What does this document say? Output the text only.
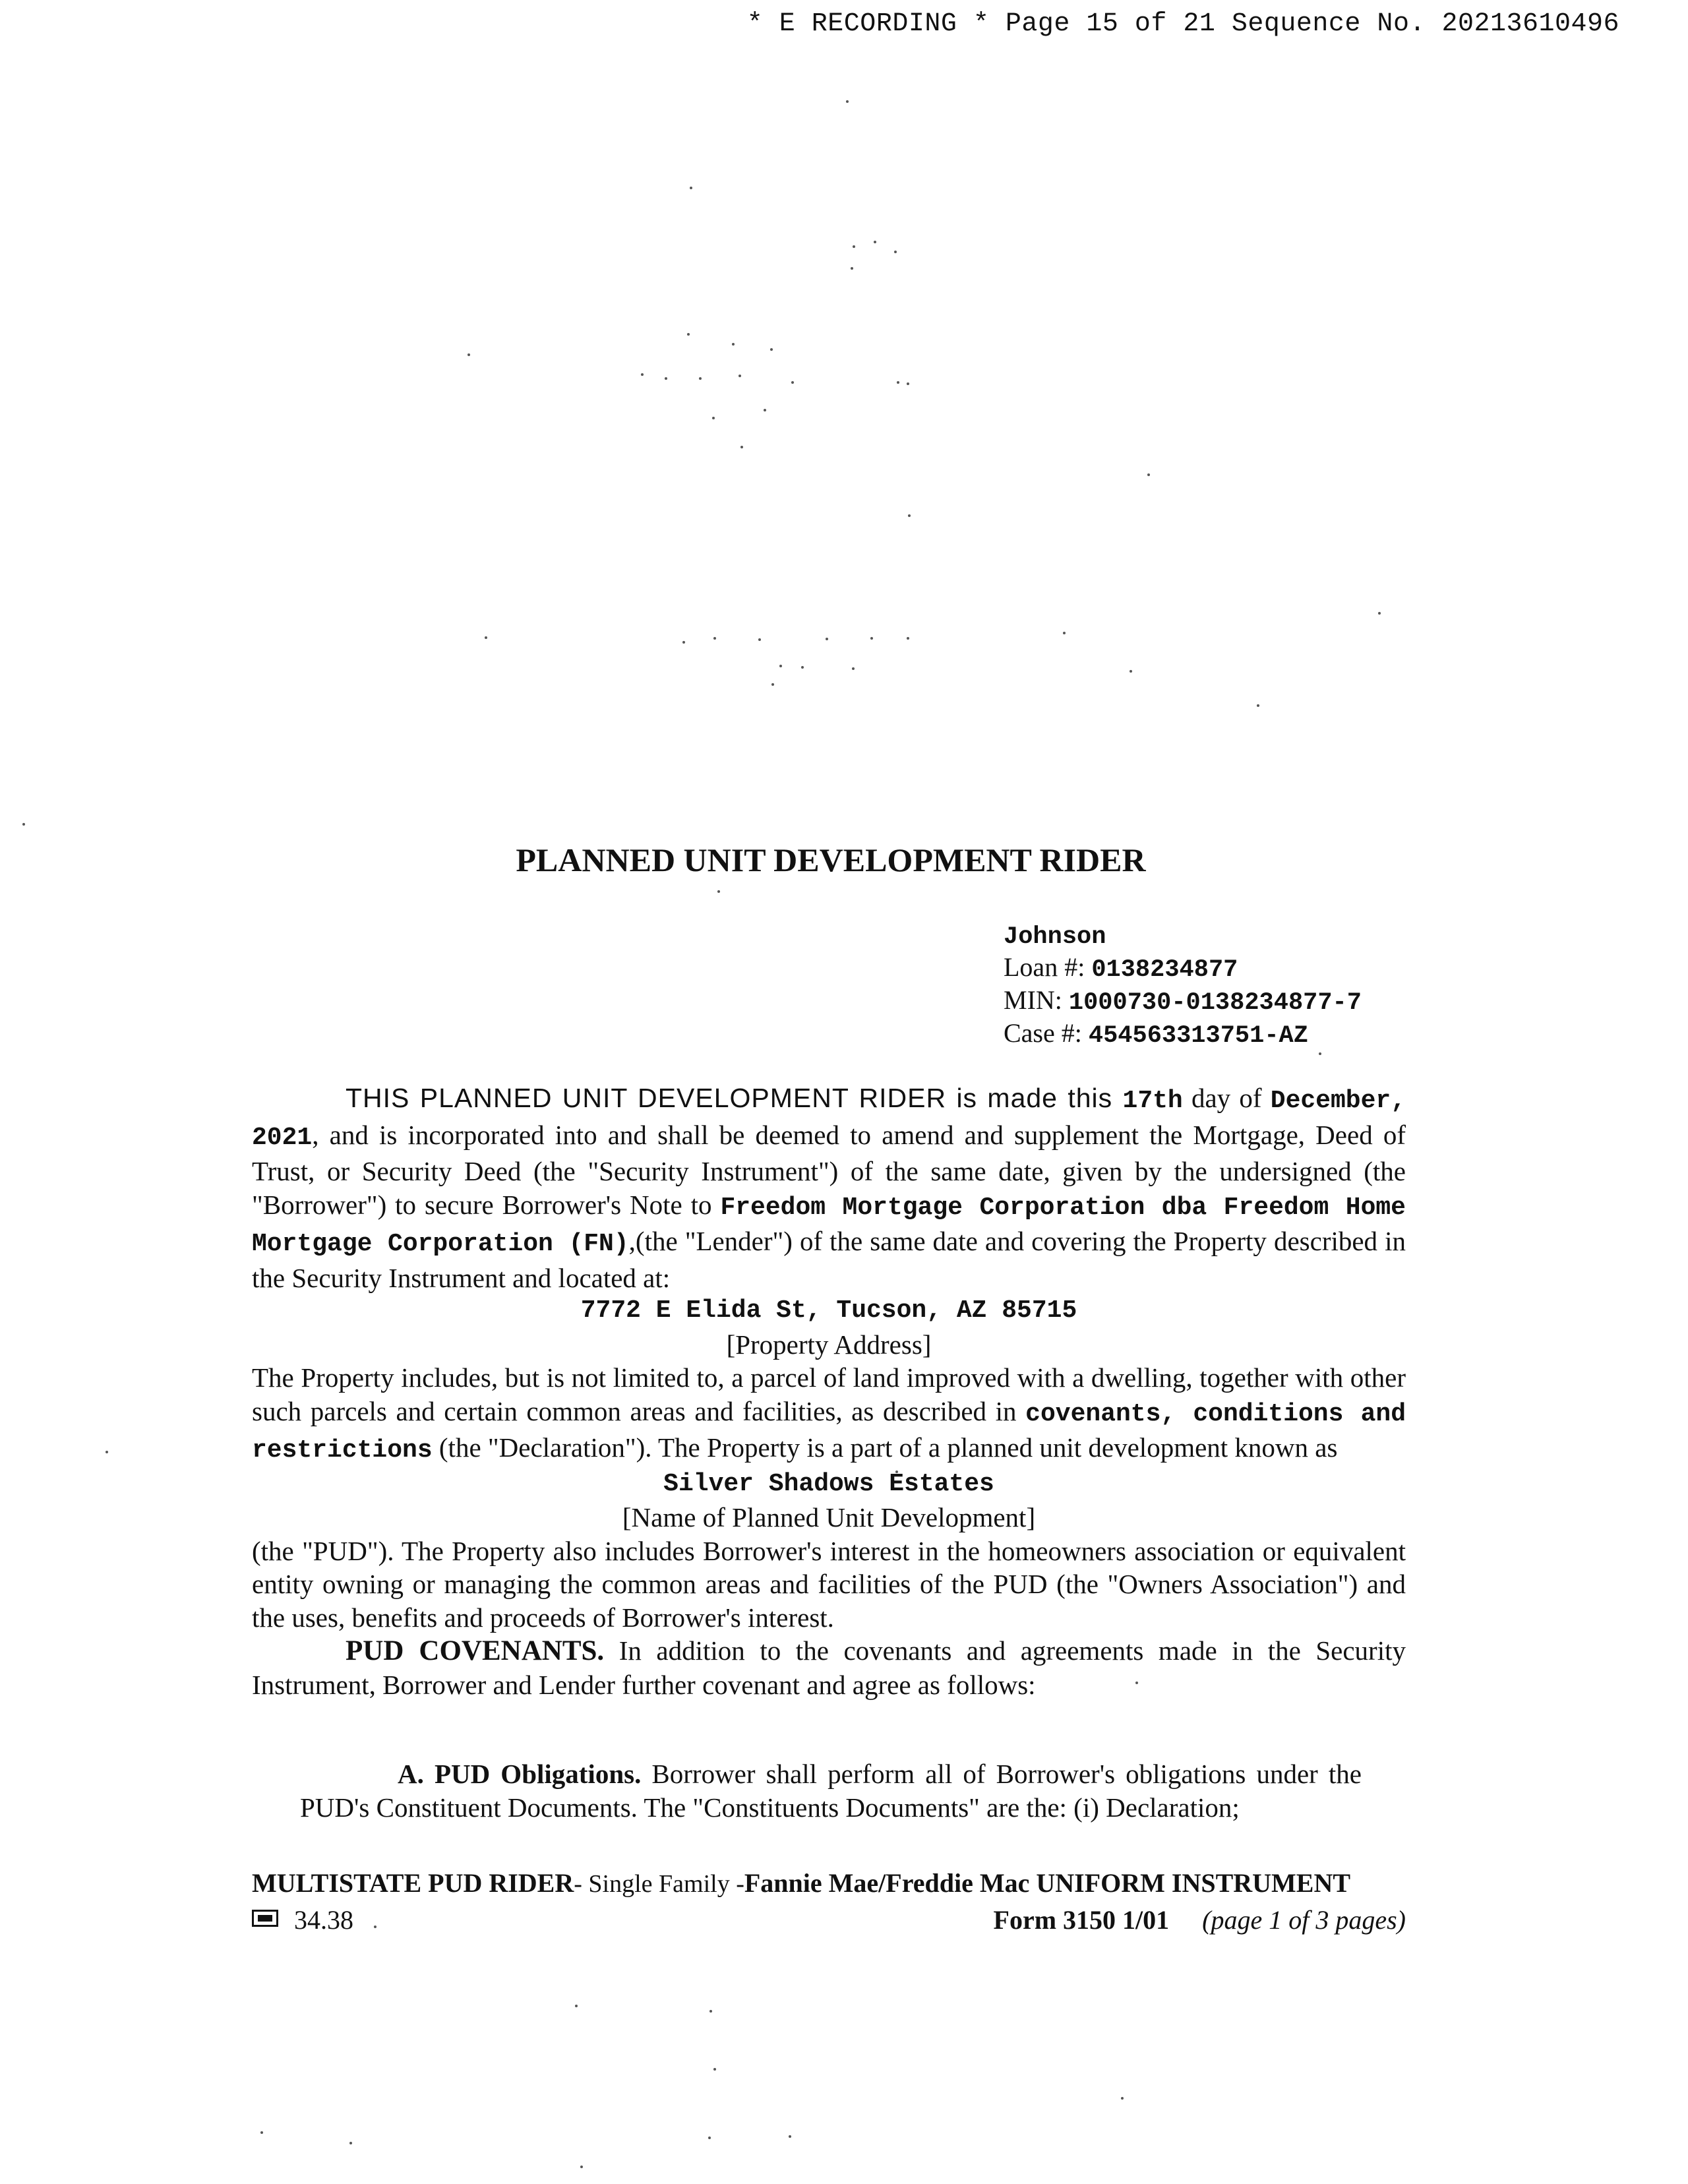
* E RECORDING * Page 15 of 21 Sequence No. 20213610496
PLANNED UNIT DEVELOPMENT RIDER
Johnson
Loan #: 0138234877
MIN: 1000730-0138234877-7
Case #: 454563313751-AZ

THIS PLANNED UNIT DEVELOPMENT RIDER is made this 17th day of December, 2021, and is incorporated into and shall be deemed to amend and supplement the Mortgage, Deed of Trust, or Security Deed (the "Security Instrument") of the same date, given by the undersigned (the "Borrower") to secure Borrower's Note to Freedom Mortgage Corporation dba Freedom Home Mortgage Corporation (FN),(the "Lender") of the same date and covering the Property described in the Security Instrument and located at:

7772 E Elida St, Tucson, AZ 85715

[Property Address]

The Property includes, but is not limited to, a parcel of land improved with a dwelling, together with other such parcels and certain common areas and facilities, as described in covenants, conditions and restrictions (the "Declaration"). The Property is a part of a planned unit development known as

Silver Shadows Estates

[Name of Planned Unit Development]

(the "PUD"). The Property also includes Borrower's interest in the homeowners association or equivalent entity owning or managing the common areas and facilities of the PUD (the "Owners Association") and the uses, benefits and proceeds of Borrower's interest.

PUD COVENANTS. In addition to the covenants and agreements made in the Security Instrument, Borrower and Lender further covenant and agree as follows:

A. PUD Obligations. Borrower shall perform all of Borrower's obligations under the PUD's Constituent Documents. The "Constituents Documents" are the: (i) Declaration;

MULTISTATE PUD RIDER- Single Family -Fannie Mae/Freddie Mac UNIFORM INSTRUMENT
34.38	Form 3150 1/01 (page 1 of 3 pages)
